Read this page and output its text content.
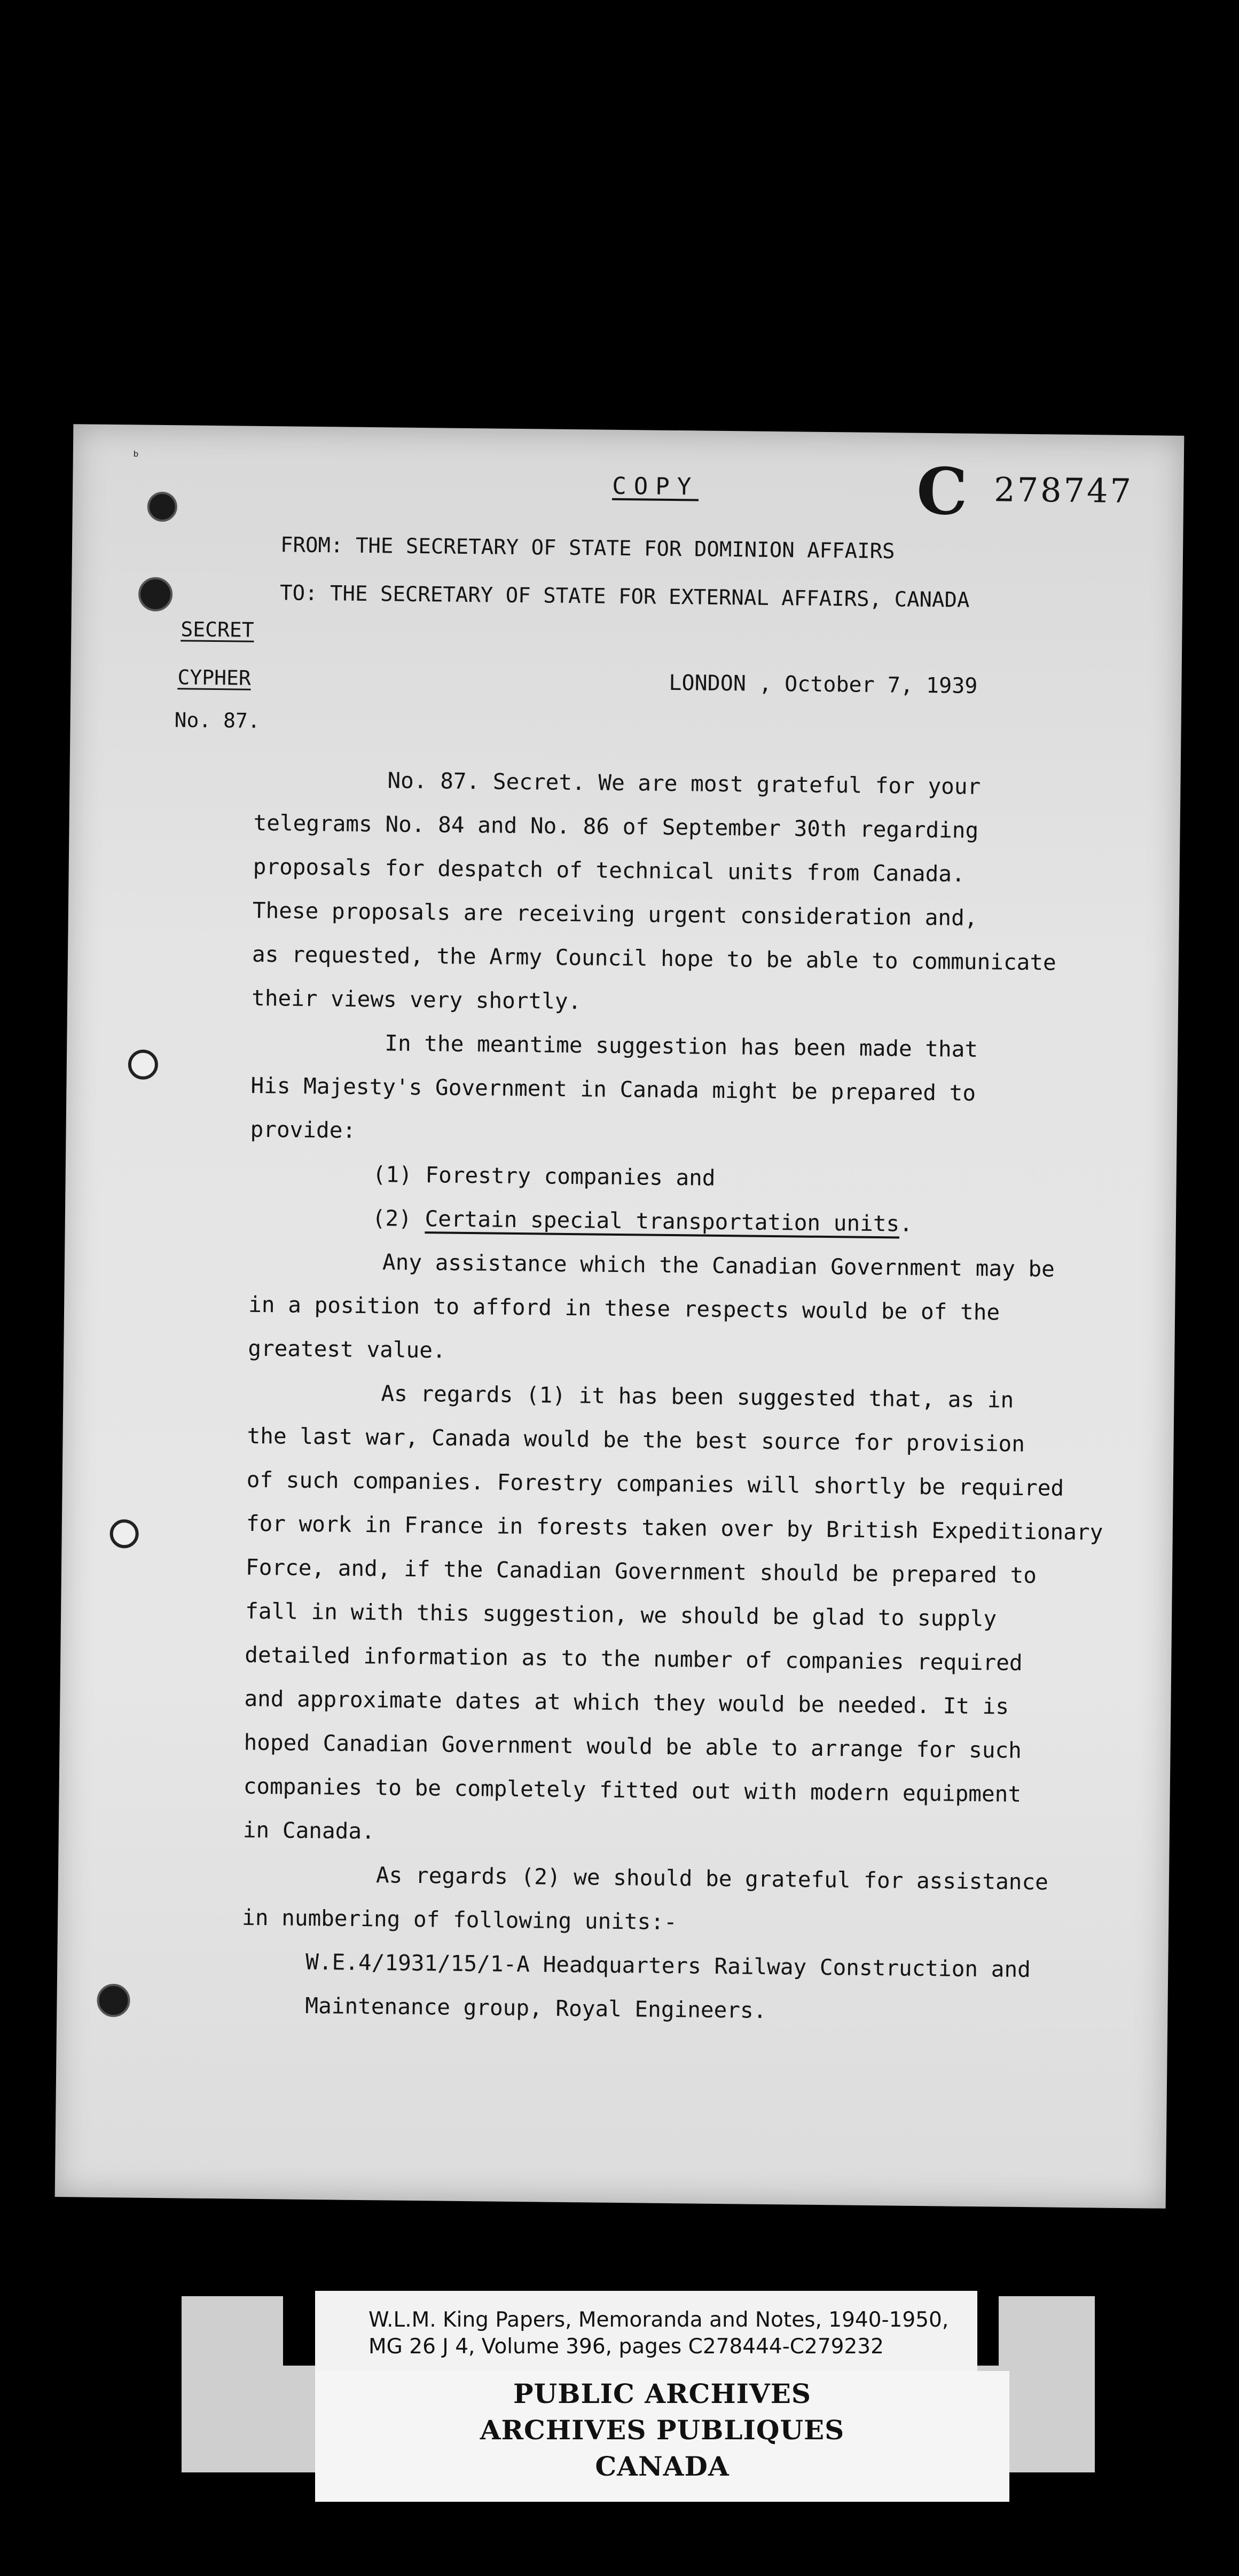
ᵇ
COPY	C 278747
FROM: THE SECRETARY OF STATE FOR DOMINION AFFAIRS
TO: THE SECRETARY OF STATE FOR EXTERNAL AFFAIRS, CANADA
SECRET
CYPHER
No. 87.
LONDON , October 7, 1939

No. 87. Secret. We are most grateful for your
telegrams No. 84 and No. 86 of September 30th regarding
proposals for despatch of technical units from Canada.
These proposals are receiving urgent consideration and,
as requested, the Army Council hope to be able to communicate
their views very shortly.

In the meantime suggestion has been made that
His Majesty's Government in Canada might be prepared to
provide:

(1) Forestry companies and

(2) Certain special transportation units.

Any assistance which the Canadian Government may be
in a position to afford in these respects would be of the
greatest value.

As regards (1) it has been suggested that, as in
the last war, Canada would be the best source for provision
of such companies. Forestry companies will shortly be required
for work in France in forests taken over by British Expeditionary
Force, and, if the Canadian Government should be prepared to
fall in with this suggestion, we should be glad to supply
detailed information as to the number of companies required
and approximate dates at which they would be needed. It is
hoped Canadian Government would be able to arrange for such
companies to be completely fitted out with modern equipment
in Canada.

As regards (2) we should be grateful for assistance
in numbering of following units:-

W.E.4/1931/15/1-A Headquarters Railway Construction and
Maintenance group, Royal Engineers.

W.L.M. King Papers, Memoranda and Notes, 1940-1950,
MG 26 J 4, Volume 396, pages C278444-C279232
PUBLIC ARCHIVES
ARCHIVES PUBLIQUES
CANADA
